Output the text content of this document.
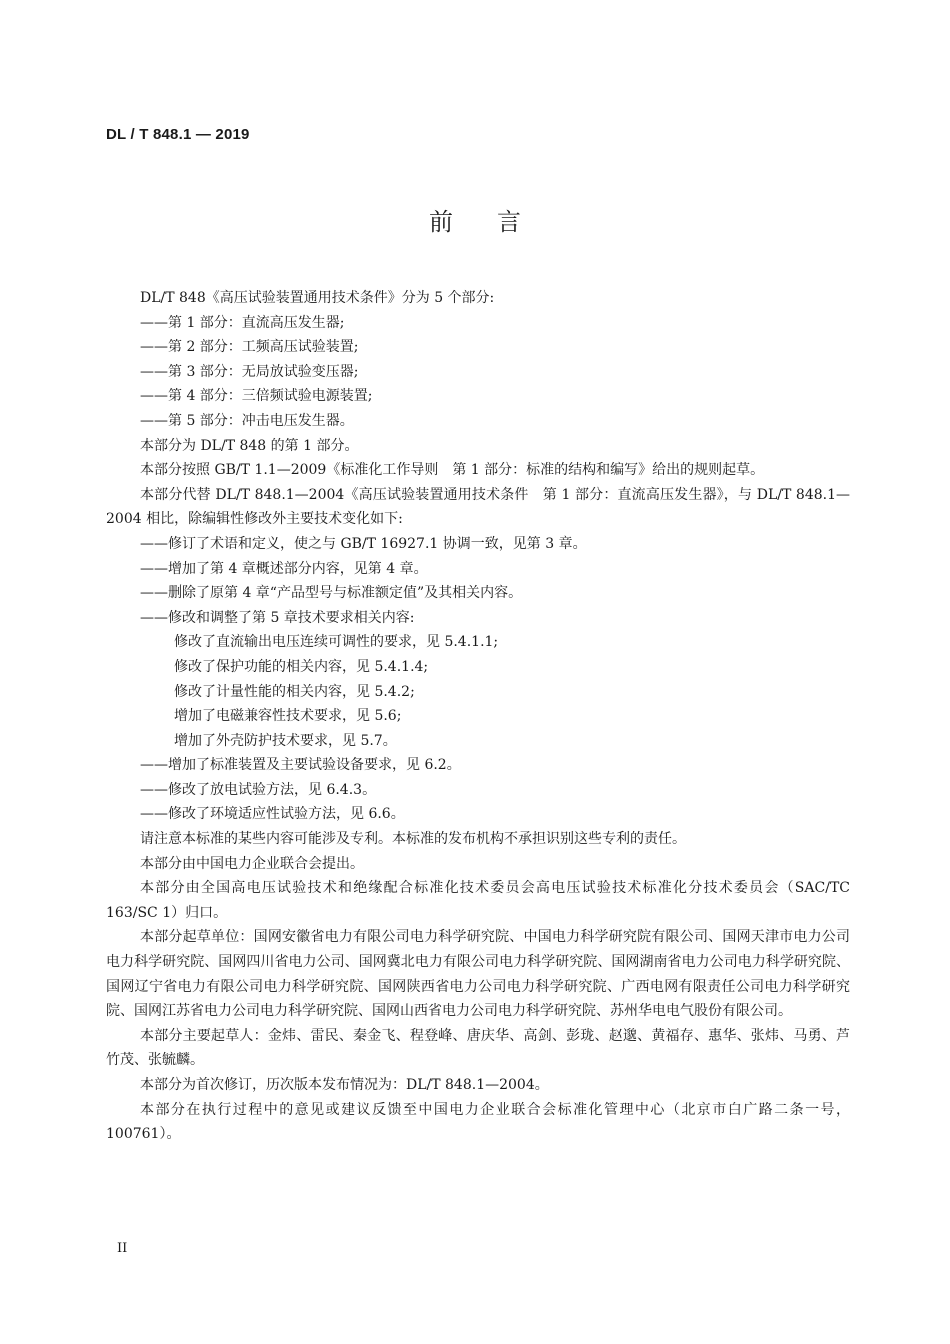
DL / T 848.1 — 2019
前言

DL/T 848《高压试验装置通用技术条件》分为 5 个部分:

——第 1 部分：直流高压发生器;

——第 2 部分：工频高压试验装置;

——第 3 部分：无局放试验变压器;

——第 4 部分：三倍频试验电源装置;

——第 5 部分：冲击电压发生器。

本部分为 DL/T 848 的第 1 部分。

本部分按照 GB/T 1.1—2009《标准化工作导则　第 1 部分：标准的结构和编写》给出的规则起草。

本部分代替 DL/T 848.1—2004《高压试验装置通用技术条件　第 1 部分：直流高压发生器》，与 DL/T 848.1—2004 相比，除编辑性修改外主要技术变化如下:

——修订了术语和定义，使之与 GB/T 16927.1 协调一致，见第 3 章。

——增加了第 4 章概述部分内容，见第 4 章。

——删除了原第 4 章“产品型号与标准额定值”及其相关内容。

——修改和调整了第 5 章技术要求相关内容:

修改了直流输出电压连续可调性的要求，见 5.4.1.1;

修改了保护功能的相关内容，见 5.4.1.4;

修改了计量性能的相关内容，见 5.4.2;

增加了电磁兼容性技术要求，见 5.6;

增加了外壳防护技术要求，见 5.7。

——增加了标准装置及主要试验设备要求，见 6.2。

——修改了放电试验方法，见 6.4.3。

——修改了环境适应性试验方法，见 6.6。

请注意本标准的某些内容可能涉及专利。本标准的发布机构不承担识别这些专利的责任。

本部分由中国电力企业联合会提出。

本部分由全国高电压试验技术和绝缘配合标准化技术委员会高电压试验技术标准化分技术委员会（SAC/TC 163/SC 1）归口。

本部分起草单位：国网安徽省电力有限公司电力科学研究院、中国电力科学研究院有限公司、国网天津市电力公司电力科学研究院、国网四川省电力公司、国网冀北电力有限公司电力科学研究院、国网湖南省电力公司电力科学研究院、国网辽宁省电力有限公司电力科学研究院、国网陕西省电力公司电力科学研究院、广西电网有限责任公司电力科学研究院、国网江苏省电力公司电力科学研究院、国网山西省电力公司电力科学研究院、苏州华电电气股份有限公司。

本部分主要起草人：金炜、雷民、秦金飞、程登峰、唐庆华、高剑、彭珑、赵邈、黄福存、惠华、张炜、马勇、芦竹茂、张毓麟。

本部分为首次修订，历次版本发布情况为：DL/T 848.1—2004。

本部分在执行过程中的意见或建议反馈至中国电力企业联合会标准化管理中心（北京市白广路二条一号，100761）。

II
